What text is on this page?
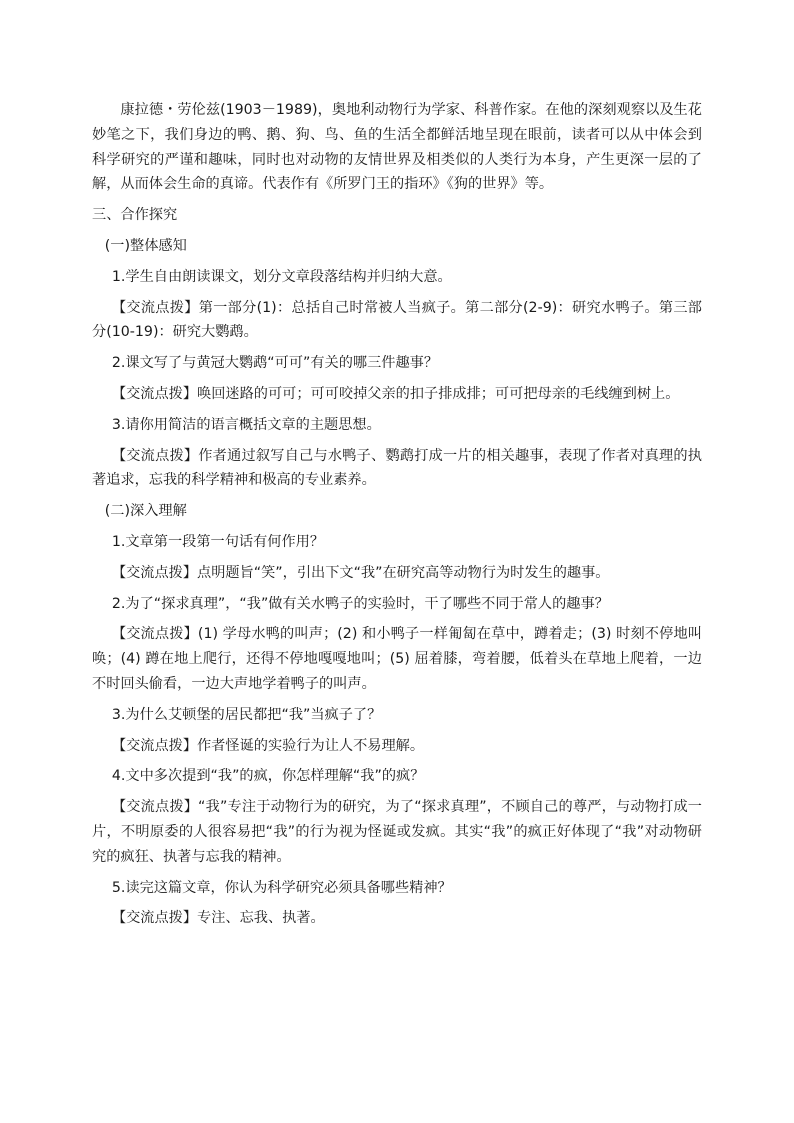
康拉德・劳伦兹(1903－1989)，奥地利动物行为学家、科普作家。在他的深刻观察以及生花妙笔之下，我们身边的鸭、鹅、狗、鸟、鱼的生活全都鲜活地呈现在眼前，读者可以从中体会到科学研究的严谨和趣味，同时也对动物的友情世界及相类似的人类行为本身，产生更深一层的了解，从而体会生命的真谛。代表作有《所罗门王的指环》《狗的世界》等。

三、合作探究

(一)整体感知

1.学生自由朗读课文，划分文章段落结构并归纳大意。

【交流点拨】第一部分(1)：总括自己时常被人当疯子。第二部分(2-9)：研究水鸭子。第三部分(10-19)：研究大鹦鹉。

2.课文写了与黄冠大鹦鹉“可可”有关的哪三件趣事？

【交流点拨】唤回迷路的可可；可可咬掉父亲的扣子排成排；可可把母亲的毛线缠到树上。

3.请你用简洁的语言概括文章的主题思想。

【交流点拨】作者通过叙写自己与水鸭子、鹦鹉打成一片的相关趣事，表现了作者对真理的执著追求，忘我的科学精神和极高的专业素养。

(二)深入理解

1.文章第一段第一句话有何作用？

【交流点拨】点明题旨“笑”，引出下文“我”在研究高等动物行为时发生的趣事。

2.为了“探求真理”，“我”做有关水鸭子的实验时，干了哪些不同于常人的趣事？

【交流点拨】(1) 学母水鸭的叫声；(2) 和小鸭子一样匍匐在草中，蹲着走；(3) 时刻不停地叫唤；(4) 蹲在地上爬行，还得不停地嘎嘎地叫；(5) 屈着膝，弯着腰，低着头在草地上爬着，一边不时回头偷看，一边大声地学着鸭子的叫声。

3.为什么艾顿堡的居民都把“我”当疯子了？

【交流点拨】作者怪诞的实验行为让人不易理解。

4.文中多次提到“我”的疯，你怎样理解“我”的疯？

【交流点拨】“我”专注于动物行为的研究，为了“探求真理”，不顾自己的尊严，与动物打成一片，不明原委的人很容易把“我”的行为视为怪诞或发疯。其实“我”的疯正好体现了“我”对动物研究的疯狂、执著与忘我的精神。

5.读完这篇文章，你认为科学研究必须具备哪些精神？

【交流点拨】专注、忘我、执著。
